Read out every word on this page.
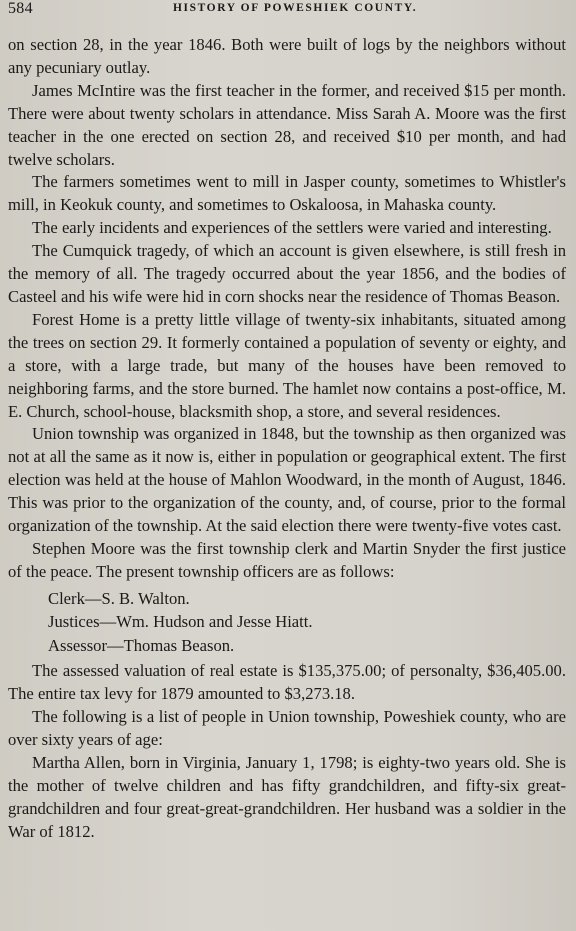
584	HISTORY OF POWESHIEK COUNTY.

on section 28, in the year 1846. Both were built of logs by the neighbors without any pecuniary outlay.

James McIntire was the first teacher in the former, and received $15 per month. There were about twenty scholars in attendance. Miss Sarah A. Moore was the first teacher in the one erected on section 28, and received $10 per month, and had twelve scholars.

The farmers sometimes went to mill in Jasper county, sometimes to Whistler's mill, in Keokuk county, and sometimes to Oskaloosa, in Mahaska county.

The early incidents and experiences of the settlers were varied and interesting.

The Cumquick tragedy, of which an account is given elsewhere, is still fresh in the memory of all. The tragedy occurred about the year 1856, and the bodies of Casteel and his wife were hid in corn shocks near the residence of Thomas Beason.

Forest Home is a pretty little village of twenty-six inhabitants, situated among the trees on section 29. It formerly contained a population of seventy or eighty, and a store, with a large trade, but many of the houses have been removed to neighboring farms, and the store burned. The hamlet now contains a post-office, M. E. Church, school-house, blacksmith shop, a store, and several residences.

Union township was organized in 1848, but the township as then organized was not at all the same as it now is, either in population or geographical extent. The first election was held at the house of Mahlon Woodward, in the month of August, 1846. This was prior to the organization of the county, and, of course, prior to the formal organization of the township. At the said election there were twenty-five votes cast.

Stephen Moore was the first township clerk and Martin Snyder the first justice of the peace. The present township officers are as follows:

Clerk—S. B. Walton.
Justices—Wm. Hudson and Jesse Hiatt.
Assessor—Thomas Beason.

The assessed valuation of real estate is $135,375.00; of personalty, $36,405.00. The entire tax levy for 1879 amounted to $3,273.18.

The following is a list of people in Union township, Poweshiek county, who are over sixty years of age:

Martha Allen, born in Virginia, January 1, 1798; is eighty-two years old. She is the mother of twelve children and has fifty grandchildren, and fifty-six great-grandchildren and four great-great-grandchildren. Her husband was a soldier in the War of 1812.
